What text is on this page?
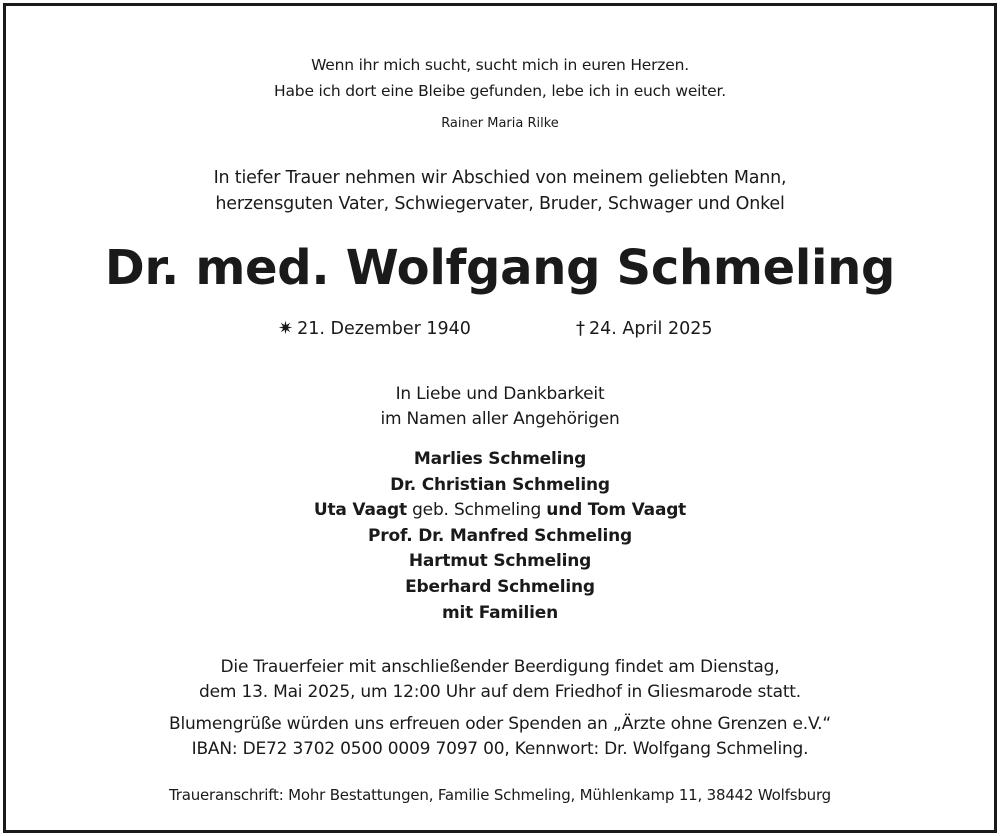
Wenn ihr mich sucht, sucht mich in euren Herzen.
Habe ich dort eine Bleibe gefunden, lebe ich in euch weiter.
Rainer Maria Rilke
In tiefer Trauer nehmen wir Abschied von meinem geliebten Mann,
herzensguten Vater, Schwiegervater, Bruder, Schwager und Onkel
Dr. med. Wolfgang Schmeling
✷ 21. Dezember 1940	† 24. April 2025
In Liebe und Dankbarkeit
im Namen aller Angehörigen
Marlies Schmeling
Dr. Christian Schmeling
Uta Vaagt geb. Schmeling und Tom Vaagt
Prof. Dr. Manfred Schmeling
Hartmut Schmeling
Eberhard Schmeling
mit Familien
Die Trauerfeier mit anschließender Beerdigung findet am Dienstag,
dem 13. Mai 2025, um 12:00 Uhr auf dem Friedhof in Gliesmarode statt.
Blumengrüße würden uns erfreuen oder Spenden an „Ärzte ohne Grenzen e.V.“
IBAN: DE72 3702 0500 0009 7097 00, Kennwort: Dr. Wolfgang Schmeling.
Traueranschrift: Mohr Bestattungen, Familie Schmeling, Mühlenkamp 11, 38442 Wolfsburg
